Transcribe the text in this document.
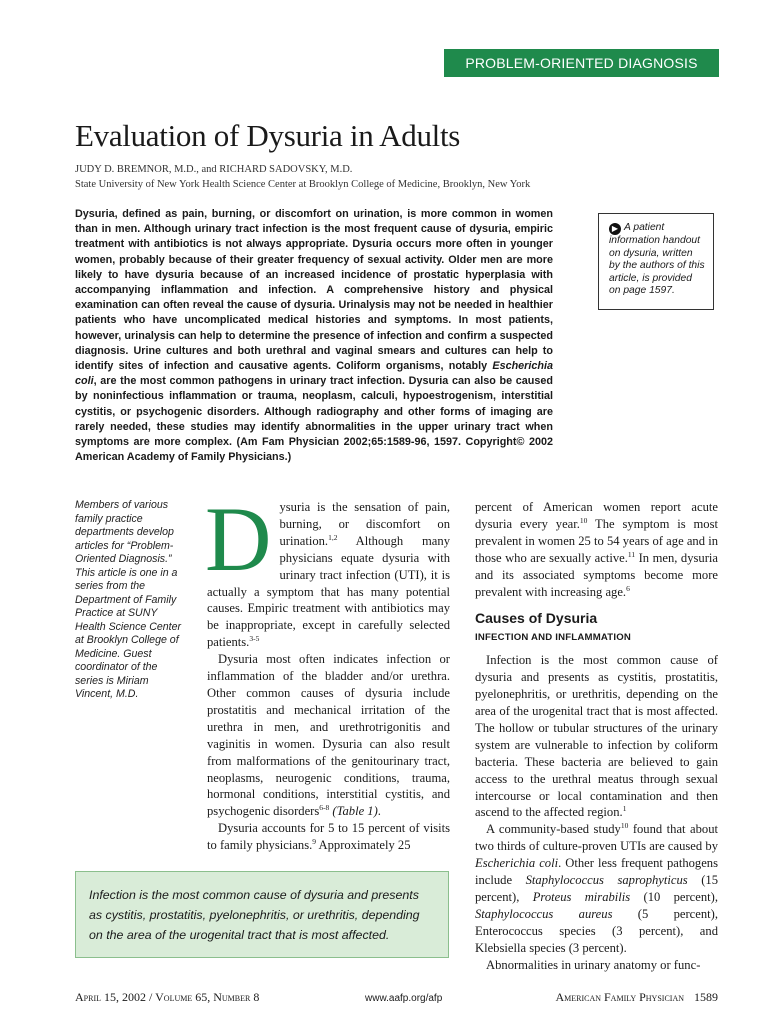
PROBLEM-ORIENTED DIAGNOSIS
Evaluation of Dysuria in Adults
JUDY D. BREMNOR, M.D., and RICHARD SADOVSKY, M.D.
State University of New York Health Science Center at Brooklyn College of Medicine, Brooklyn, New York

Dysuria, defined as pain, burning, or discomfort on urination, is more common in women than in men. Although urinary tract infection is the most frequent cause of dysuria, empiric treatment with antibiotics is not always appropriate. Dysuria occurs more often in younger women, probably because of their greater frequency of sexual activity. Older men are more likely to have dysuria because of an increased incidence of prostatic hyperplasia with accompanying inflammation and infection. A comprehensive history and physical examination can often reveal the cause of dysuria. Urinalysis may not be needed in healthier patients who have uncomplicated medical histories and symptoms. In most patients, however, urinalysis can help to determine the presence of infection and confirm a suspected diagnosis. Urine cultures and both urethral and vaginal smears and cultures can help to identify sites of infection and causative agents. Coliform organisms, notably Escherichia coli, are the most common pathogens in urinary tract infection. Dysuria can also be caused by noninfectious inflammation or trauma, neoplasm, calculi, hypoestrogenism, interstitial cystitis, or psychogenic disorders. Although radiography and other forms of imaging are rarely needed, these studies may identify abnormalities in the upper urinary tract when symptoms are more complex. (Am Fam Physician 2002;65:1589-96, 1597. Copyright© 2002 American Academy of Family Physicians.)

▶ A patient information handout on dysuria, written by the authors of this article, is provided on page 1597.

Members of various family practice departments develop articles for “Problem-Oriented Diagnosis.” This article is one in a series from the Department of Family Practice at SUNY Health Science Center at Brooklyn College of Medicine. Guest coordinator of the series is Miriam Vincent, M.D.

D ysuria is the sensation of pain, burning, or discomfort on urination.$^{1,2}$ Although many physicians equate dysuria with urinary tract infection (UTI), it is actually a symptom that has many potential causes. Empiric treatment with antibiotics may be inappropriate, except in carefully selected patients.$^{3-5}$

Dysuria most often indicates infection or inflammation of the bladder and/or urethra. Other common causes of dysuria include prostatitis and mechanical irritation of the urethra in men, and urethrotrigonitis and vaginitis in women. Dysuria can also result from malformations of the genitourinary tract, neoplasms, neurogenic conditions, trauma, hormonal conditions, interstitial cystitis, and psychogenic disorders$^{6-8}$ (Table 1).

Dysuria accounts for 5 to 15 percent of visits to family physicians.$^9$ Approximately 25

percent of American women report acute dysuria every year.$^{10}$ The symptom is most prevalent in women 25 to 54 years of age and in those who are sexually active.$^{11}$ In men, dysuria and its associated symptoms become more prevalent with increasing age.$^6$

Causes of Dysuria
INFECTION AND INFLAMMATION

Infection is the most common cause of dysuria and presents as cystitis, prostatitis, pyelonephritis, or urethritis, depending on the area of the urogenital tract that is most affected. The hollow or tubular structures of the urinary system are vulnerable to infection by coliform bacteria. These bacteria are believed to gain access to the urethral meatus through sexual intercourse or local contamination and then ascend to the affected region.$^1$

A community-based study$^{10}$ found that about two thirds of culture-proven UTIs are caused by Escherichia coli. Other less frequent pathogens include Staphylococcus saprophyticus (15 percent), Proteus mirabilis (10 percent), Staphylococcus aureus (5 percent), Enterococcus species (3 percent), and Klebsiella species (3 percent).

Abnormalities in urinary anatomy or func-

Infection is the most common cause of dysuria and presents as cystitis, prostatitis, pyelonephritis, or urethritis, depending on the area of the urogenital tract that is most affected.
April 15, 2002 / Volume 65, Number 8	www.aafp.org/afp	American Family Physician 1589
